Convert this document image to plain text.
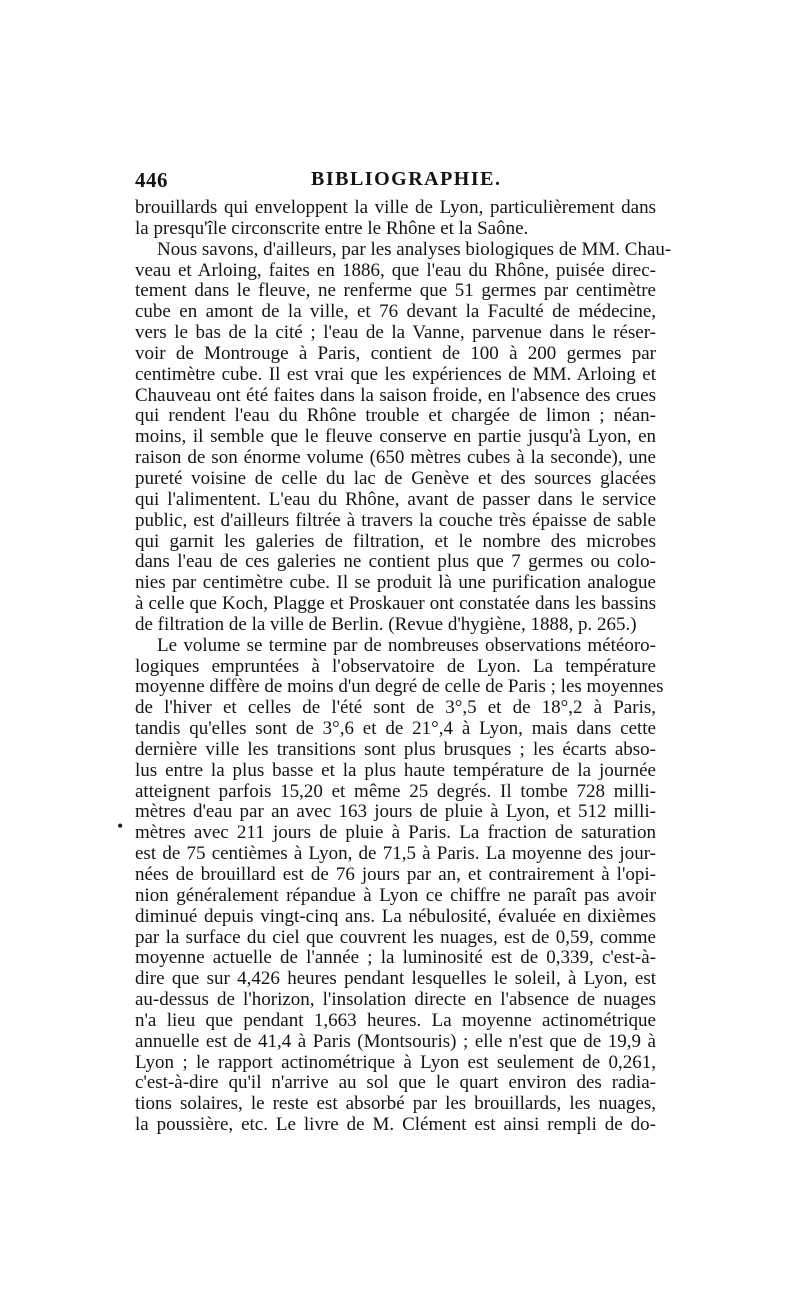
446	BIBLIOGRAPHIE.
•
brouillards qui enveloppent la ville de Lyon, particulièrement dans
la presqu'île circonscrite entre le Rhône et la Saône.
Nous savons, d'ailleurs, par les analyses biologiques de MM. Chau-
veau et Arloing, faites en 1886, que l'eau du Rhône, puisée direc-
tement dans le fleuve, ne renferme que 51 germes par centimètre
cube en amont de la ville, et 76 devant la Faculté de médecine,
vers le bas de la cité ; l'eau de la Vanne, parvenue dans le réser-
voir de Montrouge à Paris, contient de 100 à 200 germes par
centimètre cube. Il est vrai que les expériences de MM. Arloing et
Chauveau ont été faites dans la saison froide, en l'absence des crues
qui rendent l'eau du Rhône trouble et chargée de limon ; néan-
moins, il semble que le fleuve conserve en partie jusqu'à Lyon, en
raison de son énorme volume (650 mètres cubes à la seconde), une
pureté voisine de celle du lac de Genève et des sources glacées
qui l'alimentent. L'eau du Rhône, avant de passer dans le service
public, est d'ailleurs filtrée à travers la couche très épaisse de sable
qui garnit les galeries de filtration, et le nombre des microbes
dans l'eau de ces galeries ne contient plus que 7 germes ou colo-
nies par centimètre cube. Il se produit là une purification analogue
à celle que Koch, Plagge et Proskauer ont constatée dans les bassins
de filtration de la ville de Berlin. (Revue d'hygiène, 1888, p. 265.)
Le volume se termine par de nombreuses observations météoro-
logiques empruntées à l'observatoire de Lyon. La température
moyenne diffère de moins d'un degré de celle de Paris ; les moyennes
de l'hiver et celles de l'été sont de 3°,5 et de 18°,2 à Paris,
tandis qu'elles sont de 3°,6 et de 21°,4 à Lyon, mais dans cette
dernière ville les transitions sont plus brusques ; les écarts abso-
lus entre la plus basse et la plus haute température de la journée
atteignent parfois 15,20 et même 25 degrés. Il tombe 728 milli-
mètres d'eau par an avec 163 jours de pluie à Lyon, et 512 milli-
mètres avec 211 jours de pluie à Paris. La fraction de saturation
est de 75 centièmes à Lyon, de 71,5 à Paris. La moyenne des jour-
nées de brouillard est de 76 jours par an, et contrairement à l'opi-
nion généralement répandue à Lyon ce chiffre ne paraît pas avoir
diminué depuis vingt-cinq ans. La nébulosité, évaluée en dixièmes
par la surface du ciel que couvrent les nuages, est de 0,59, comme
moyenne actuelle de l'année ; la luminosité est de 0,339, c'est-à-
dire que sur 4,426 heures pendant lesquelles le soleil, à Lyon, est
au-dessus de l'horizon, l'insolation directe en l'absence de nuages
n'a lieu que pendant 1,663 heures. La moyenne actinométrique
annuelle est de 41,4 à Paris (Montsouris) ; elle n'est que de 19,9 à
Lyon ; le rapport actinométrique à Lyon est seulement de 0,261,
c'est-à-dire qu'il n'arrive au sol que le quart environ des radia-
tions solaires, le reste est absorbé par les brouillards, les nuages,
la poussière, etc. Le livre de M. Clément est ainsi rempli de do-
